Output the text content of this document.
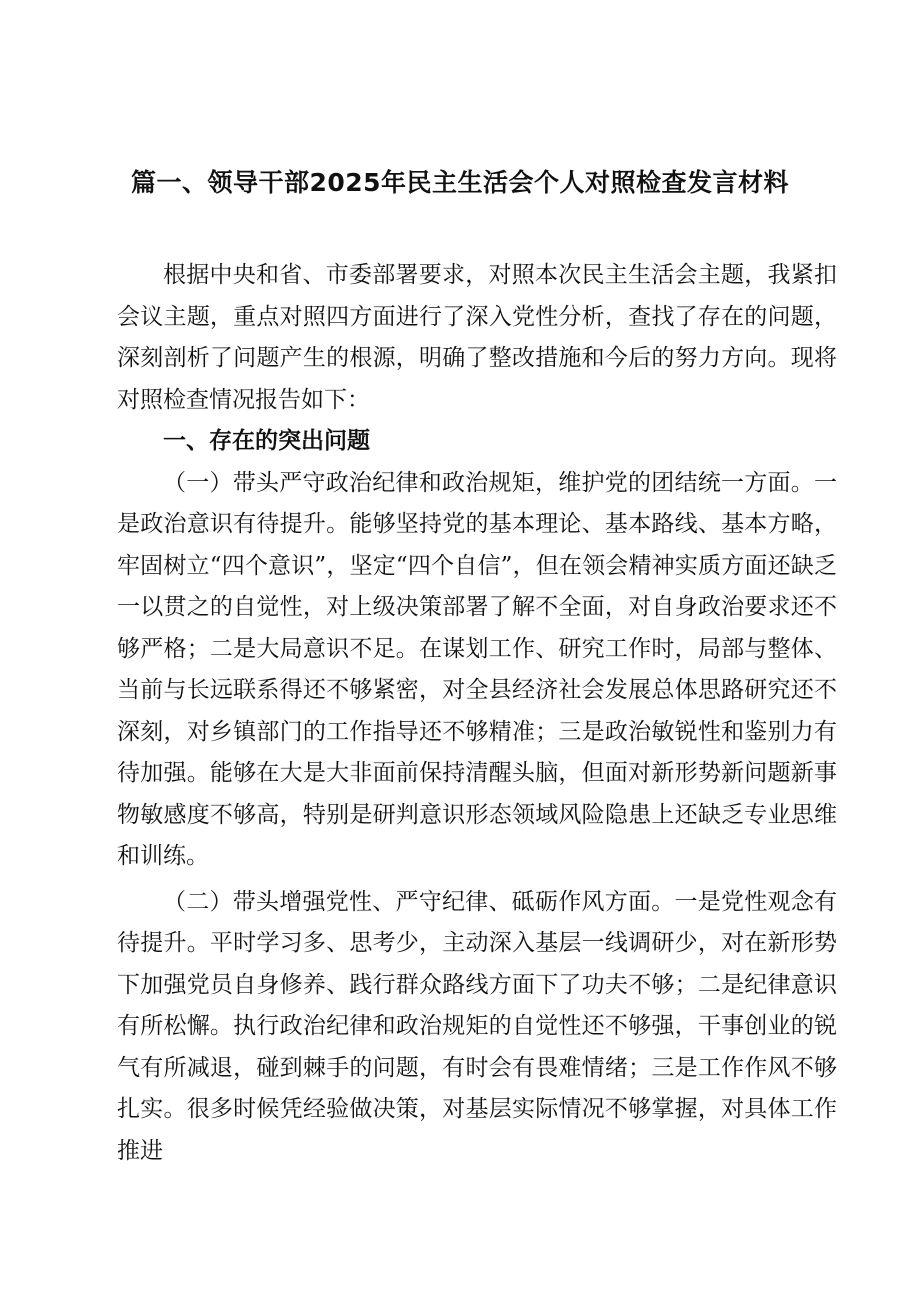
篇一、领导干部2025年民主生活会个人对照检查发言材料

根据中央和省、市委部署要求，对照本次民主生活会主题，我紧扣会议主题，重点对照四方面进行了深入党性分析，查找了存在的问题，深刻剖析了问题产生的根源，明确了整改措施和今后的努力方向。现将对照检查情况报告如下：

一、存在的突出问题

（一）带头严守政治纪律和政治规矩，维护党的团结统一方面。一是政治意识有待提升。能够坚持党的基本理论、基本路线、基本方略，牢固树立“四个意识”，坚定“四个自信”，但在领会精神实质方面还缺乏一以贯之的自觉性，对上级决策部署了解不全面，对自身政治要求还不够严格；二是大局意识不足。在谋划工作、研究工作时，局部与整体、当前与长远联系得还不够紧密，对全县经济社会发展总体思路研究还不深刻，对乡镇部门的工作指导还不够精准；三是政治敏锐性和鉴别力有待加强。能够在大是大非面前保持清醒头脑，但面对新形势新问题新事物敏感度不够高，特别是研判意识形态领域风险隐患上还缺乏专业思维和训练。

（二）带头增强党性、严守纪律、砥砺作风方面。一是党性观念有待提升。平时学习多、思考少，主动深入基层一线调研少，对在新形势下加强党员自身修养、践行群众路线方面下了功夫不够；二是纪律意识有所松懈。执行政治纪律和政治规矩的自觉性还不够强，干事创业的锐气有所减退，碰到棘手的问题，有时会有畏难情绪；三是工作作风不够扎实。很多时候凭经验做决策，对基层实际情况不够掌握，对具体工作推进
